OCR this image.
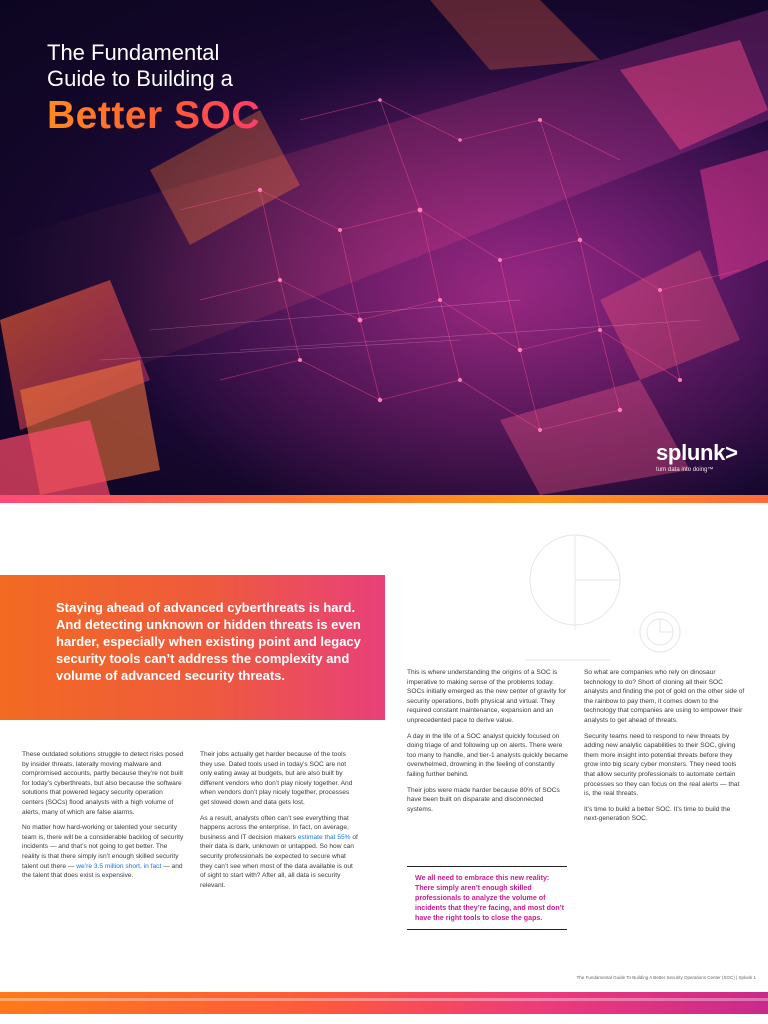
The Fundamental
Guide to Building a
Better SOC
splunk>
turn data into doing™

Staying ahead of advanced cyberthreats is hard. And detecting unknown or hidden threats is even harder, especially when existing point and legacy security tools can’t address the complexity and volume of advanced security threats.

These outdated solutions struggle to detect risks posed by insider threats, laterally moving malware and compromised accounts, partly because they’re not built for today’s cyberthreats, but also because the software solutions that powered legacy security operation centers (SOCs) flood analysts with a high volume of alerts, many of which are false alarms.

No matter how hard-working or talented your security team is, there will be a considerable backlog of security incidents — and that’s not going to get better. The reality is that there simply isn’t enough skilled security talent out there — we’re 3.5 million short, in fact — and the talent that does exist is expensive.

Their jobs actually get harder because of the tools they use. Dated tools used in today’s SOC are not only eating away at budgets, but are also built by different vendors who don’t play nicely together. And when vendors don’t play nicely together, processes get slowed down and data gets lost.

As a result, analysts often can’t see everything that happens across the enterprise. In fact, on average, business and IT decision makers estimate that 55% of their data is dark, unknown or untapped. So how can security professionals be expected to secure what they can’t see when most of the data available is out of sight to start with? After all, all data is security relevant.

This is where understanding the origins of a SOC is imperative to making sense of the problems today. SOCs initially emerged as the new center of gravity for security operations, both physical and virtual. They required constant maintenance, expansion and an unprecedented pace to derive value.

A day in the life of a SOC analyst quickly focused on doing triage of and following up on alerts. There were too many to handle, and tier-1 analysts quickly became overwhelmed, drowning in the feeling of constantly failing further behind.

Their jobs were made harder because 80% of SOCs have been built on disparate and disconnected systems.

We all need to embrace this new reality: There simply aren’t enough skilled professionals to analyze the volume of incidents that they’re facing, and most don’t have the right tools to close the gaps.

So what are companies who rely on dinosaur technology to do? Short of cloning all their SOC analysts and finding the pot of gold on the other side of the rainbow to pay them, it comes down to the technology that companies are using to empower their analysts to get ahead of threats.

Security teams need to respond to new threats by adding new analytic capabilities to their SOC, giving them more insight into potential threats before they grow into big scary cyber monsters. They need tools that allow security professionals to automate certain processes so they can focus on the real alerts — that is, the real threats.

It’s time to build a better SOC. It’s time to build the next-generation SOC.

The Fundamental Guide To Building A Better Security Operations Center (SOC) | Splunk 1
